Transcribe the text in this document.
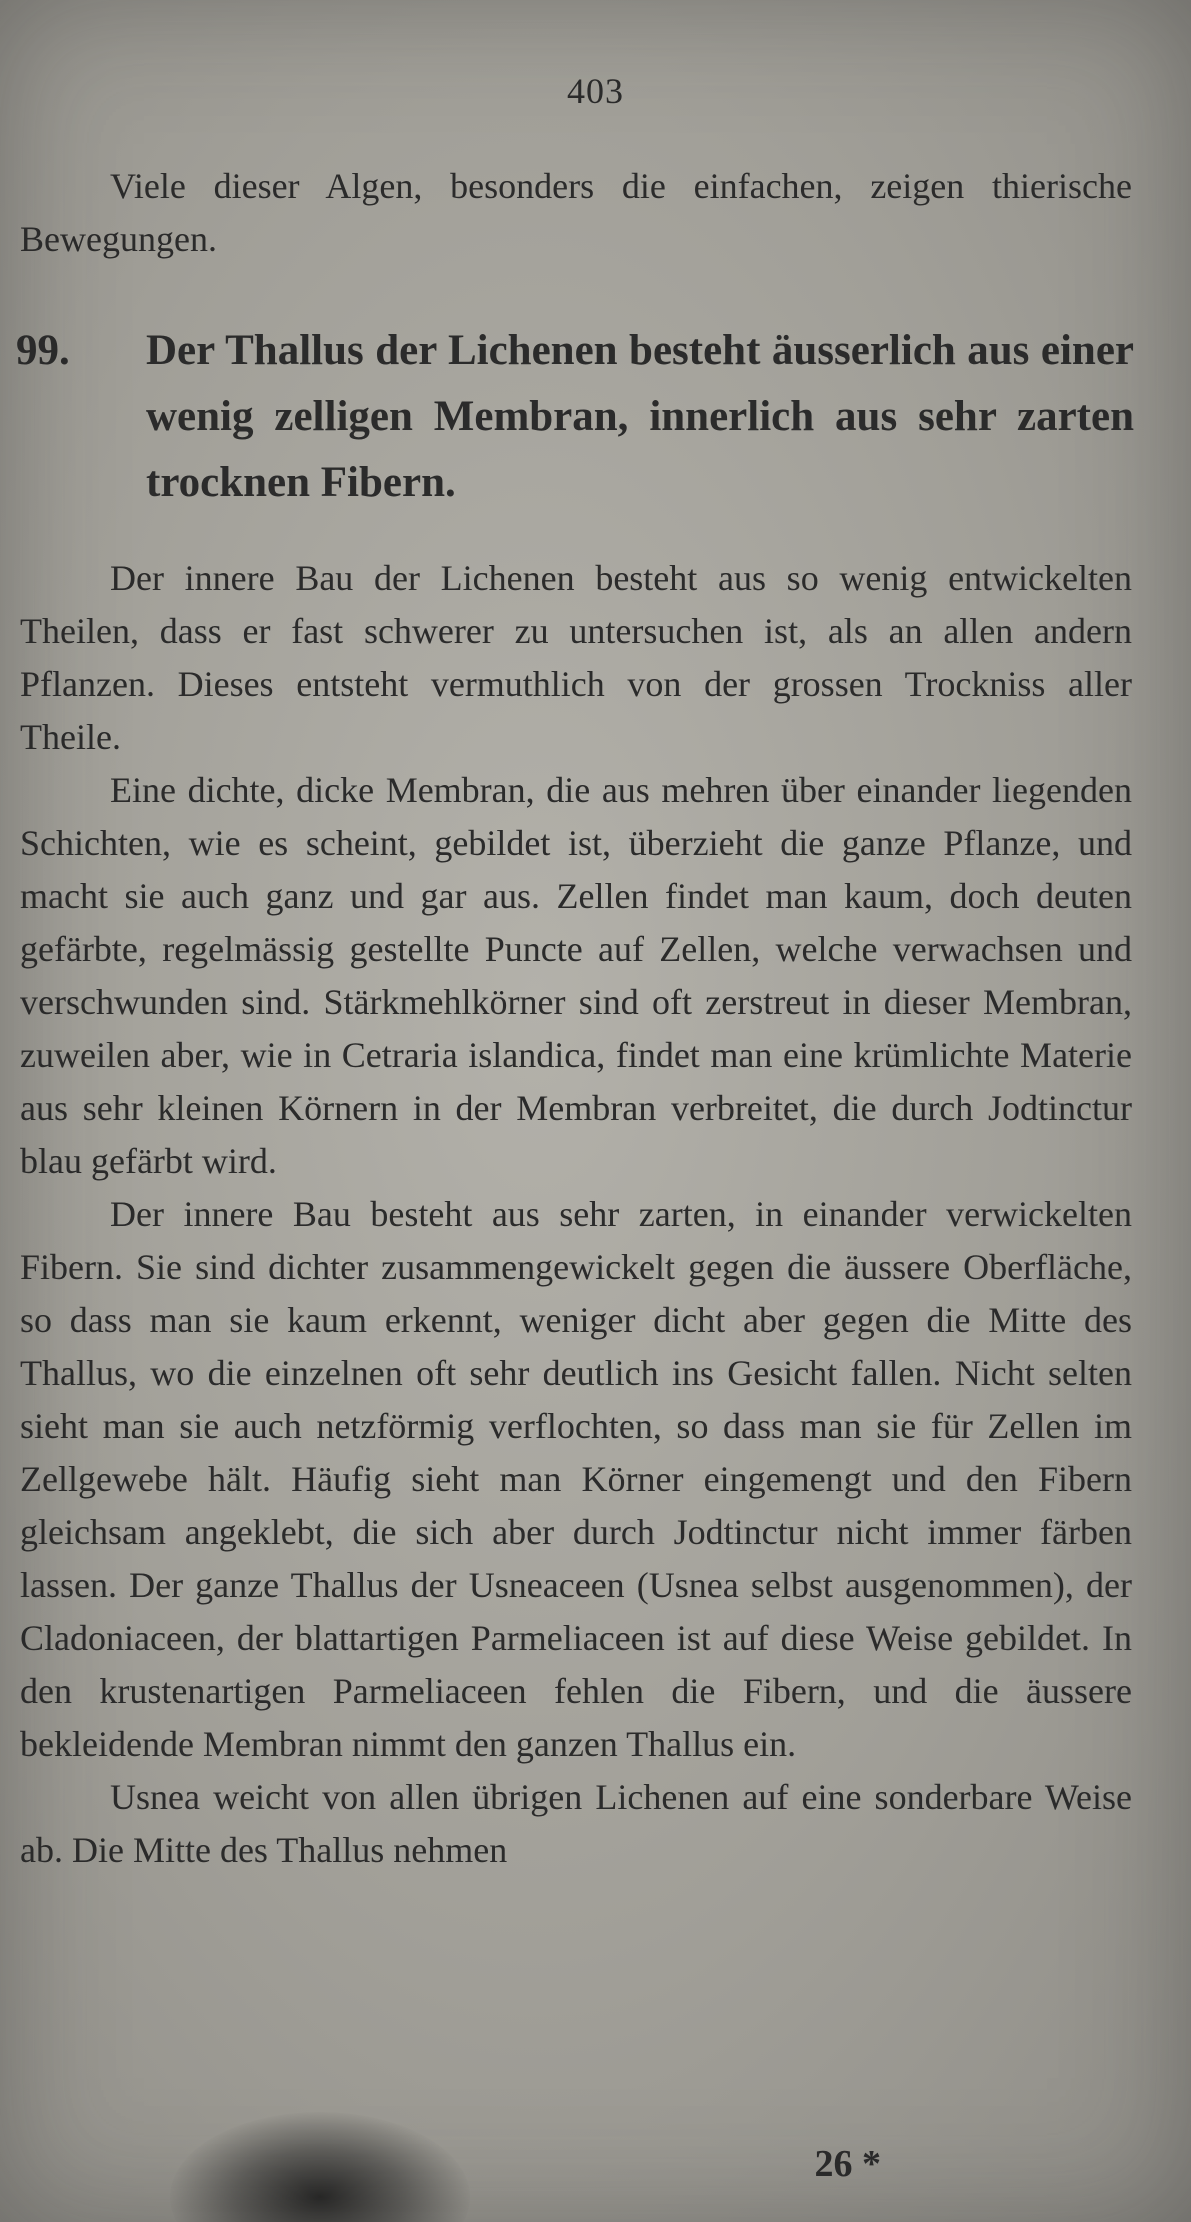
403
Viele dieser Algen, besonders die einfachen, zeigen thierische Bewegungen.
99. Der Thallus der Lichenen besteht äusserlich aus einer wenig zelligen Membran, innerlich aus sehr zarten trocknen Fibern.

Der innere Bau der Lichenen besteht aus so wenig entwickelten Theilen, dass er fast schwerer zu untersuchen ist, als an allen andern Pflanzen. Dieses entsteht vermuthlich von der grossen Trockniss aller Theile.

Eine dichte, dicke Membran, die aus mehren über einander liegenden Schichten, wie es scheint, gebildet ist, überzieht die ganze Pflanze, und macht sie auch ganz und gar aus. Zellen findet man kaum, doch deuten gefärbte, regelmässig gestellte Puncte auf Zellen, welche verwachsen und verschwunden sind. Stärkmehlkörner sind oft zerstreut in dieser Membran, zuweilen aber, wie in Cetraria islandica, findet man eine krümlichte Materie aus sehr kleinen Körnern in der Membran verbreitet, die durch Jodtinctur blau gefärbt wird.

Der innere Bau besteht aus sehr zarten, in einander verwickelten Fibern. Sie sind dichter zusammengewickelt gegen die äussere Oberfläche, so dass man sie kaum erkennt, weniger dicht aber gegen die Mitte des Thallus, wo die einzelnen oft sehr deutlich ins Gesicht fallen. Nicht selten sieht man sie auch netzförmig verflochten, so dass man sie für Zellen im Zellgewebe hält. Häufig sieht man Körner eingemengt und den Fibern gleichsam angeklebt, die sich aber durch Jodtinctur nicht immer färben lassen. Der ganze Thallus der Usneaceen (Usnea selbst ausgenommen), der Cladoniaceen, der blattartigen Parmeliaceen ist auf diese Weise gebildet. In den krustenartigen Parmeliaceen fehlen die Fibern, und die äussere bekleidende Membran nimmt den ganzen Thallus ein.

Usnea weicht von allen übrigen Lichenen auf eine sonderbare Weise ab. Die Mitte des Thallus nehmen

26 *
